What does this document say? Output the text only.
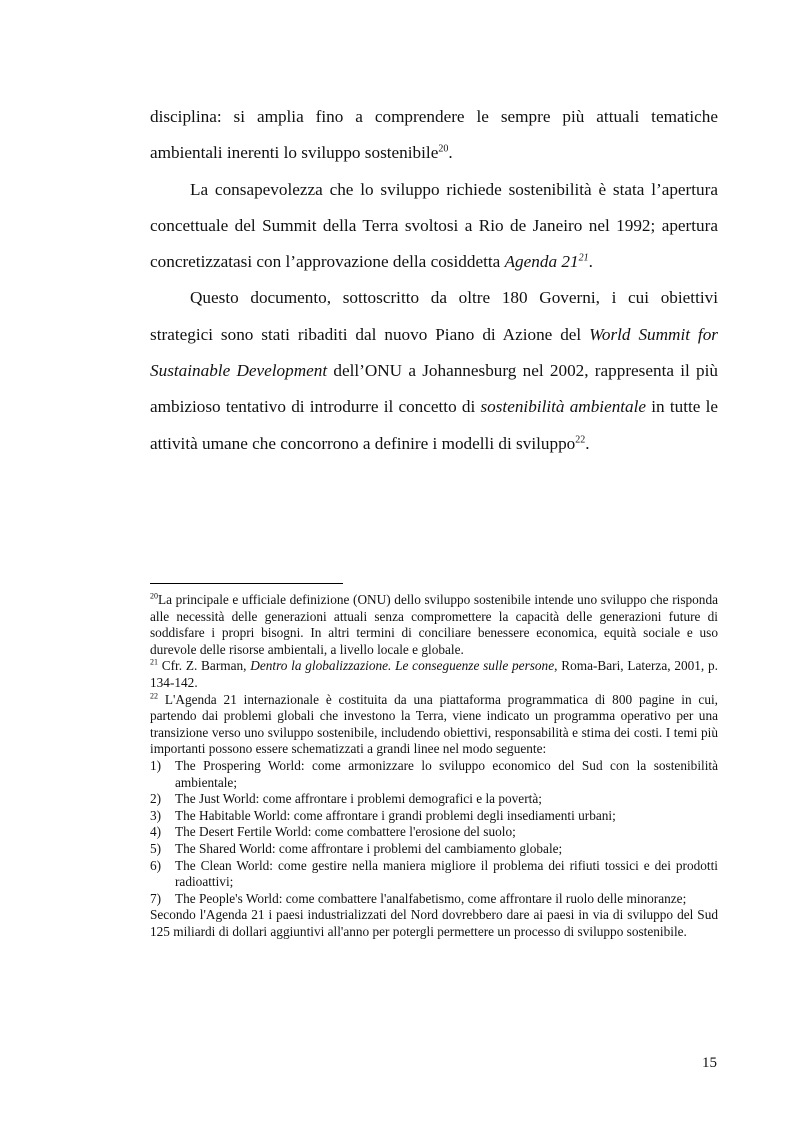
disciplina: si amplia fino a comprendere le sempre più attuali tematiche ambientali inerenti lo sviluppo sostenibile$^{20}$.

La consapevolezza che lo sviluppo richiede sostenibilità è stata l’apertura concettuale del Summit della Terra svoltosi a Rio de Janeiro nel 1992; apertura concretizzatasi con l’approvazione della cosiddetta Agenda $21^{21}$.

Questo documento, sottoscritto da oltre 180 Governi, i cui obiettivi strategici sono stati ribaditi dal nuovo Piano di Azione del World Summit for Sustainable Development dell’ONU a Johannesburg nel 2002, rappresenta il più ambizioso tentativo di introdurre il concetto di sostenibilità ambientale in tutte le attività umane che concorrono a definire i modelli di sviluppo$^{22}$.

$^{20}$La principale e ufficiale definizione (ONU) dello sviluppo sostenibile intende uno sviluppo che risponda alle necessità delle generazioni attuali senza compromettere la capacità delle generazioni future di soddisfare i propri bisogni. In altri termini di conciliare benessere economica, equità sociale e uso durevole delle risorse ambientali, a livello locale e globale.

$^{21}$ Cfr. Z. Barman, Dentro la globalizzazione. Le conseguenze sulle persone, Roma-Bari, Laterza, 2001, p. 134-142.

$^{22}$ L'Agenda 21 internazionale è costituita da una piattaforma programmatica di 800 pagine in cui, partendo dai problemi globali che investono la Terra, viene indicato un programma operativo per una transizione verso uno sviluppo sostenibile, includendo obiettivi, responsabilità e stima dei costi. I temi più importanti possono essere schematizzati a grandi linee nel modo seguente:

1)	The Prospering World: come armonizzare lo sviluppo economico del Sud con la sostenibilità ambientale;

2)	The Just World: come affrontare i problemi demografici e la povertà;

3)	The Habitable World: come affrontare i grandi problemi degli insediamenti urbani;

4)	The Desert Fertile World: come combattere l'erosione del suolo;

5)	The Shared World: come affrontare i problemi del cambiamento globale;

6)	The Clean World: come gestire nella maniera migliore il problema dei rifiuti tossici e dei prodotti radioattivi;

7)	The People's World: come combattere l'analfabetismo, come affrontare il ruolo delle minoranze;

Secondo l'Agenda 21 i paesi industrializzati del Nord dovrebbero dare ai paesi in via di sviluppo del Sud 125 miliardi di dollari aggiuntivi all'anno per potergli permettere un processo di sviluppo sostenibile.

15
